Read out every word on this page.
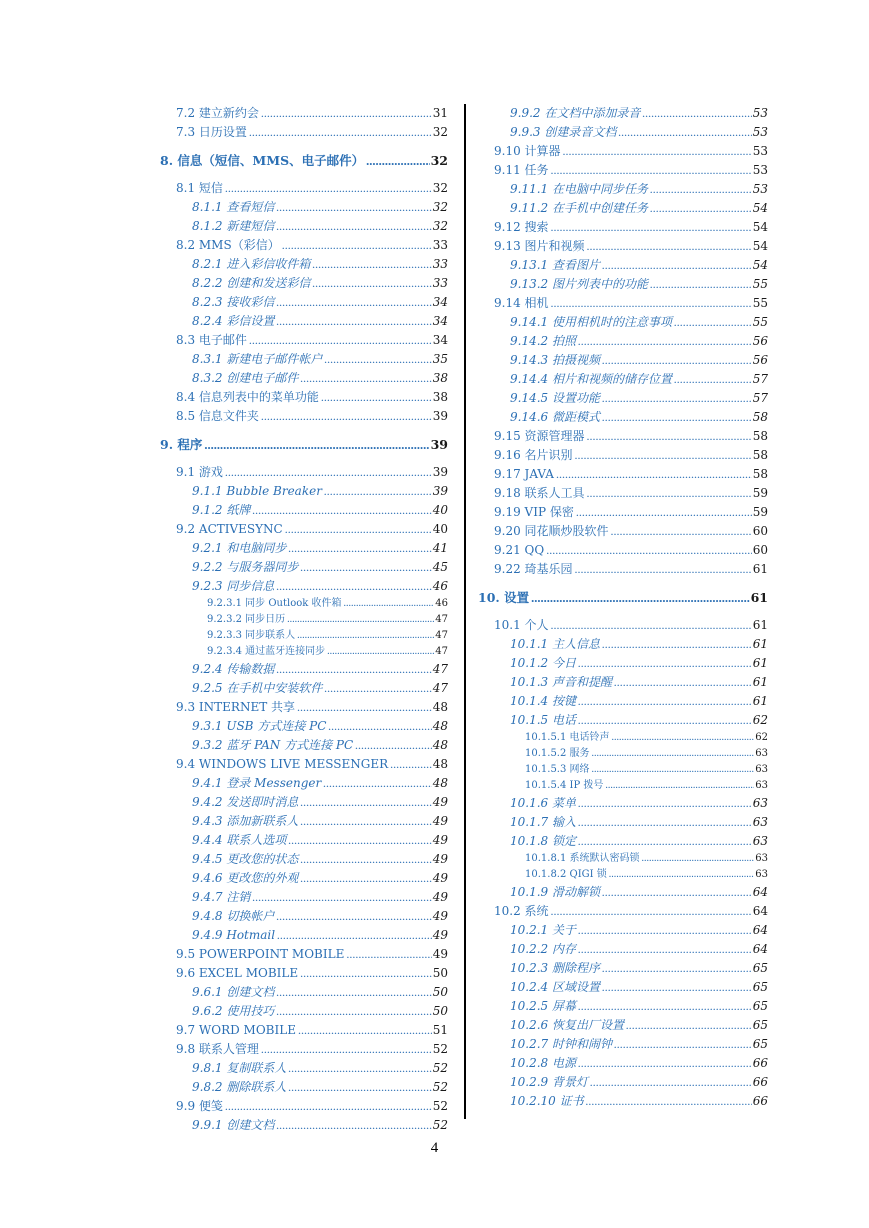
7.2 建立新约会 .....	31
7.3 日历设置 .....	32
8. 信息（短信、MMS、电子邮件） .....	32
8.1 短信 .....	32
8.1.1 查看短信 .....	32
8.1.2 新建短信 .....	32
8.2 MMS（彩信） .....	33
8.2.1 进入彩信收件箱 .....	33
8.2.2 创建和发送彩信 .....	33
8.2.3 接收彩信 .....	34
8.2.4 彩信设置 .....	34
8.3 电子邮件 .....	34
8.3.1 新建电子邮件帐户 .....	35
8.3.2 创建电子邮件 .....	38
8.4 信息列表中的菜单功能 .....	38
8.5 信息文件夹 .....	39
9. 程序 .....	39
9.1 游戏 .....	39
9.1.1 Bubble Breaker .....	39
9.1.2 纸牌 .....	40
9.2 ACTIVESYNC .....	40
9.2.1 和电脑同步 .....	41
9.2.2 与服务器同步 .....	45
9.2.3 同步信息 .....	46
9.2.3.1 同步 Outlook 收件箱 .....	46
9.2.3.2 同步日历 .....	47
9.2.3.3 同步联系人 .....	47
9.2.3.4 通过蓝牙连接同步 .....	47
9.2.4 传输数据 .....	47
9.2.5 在手机中安装软件 .....	47
9.3 INTERNET 共享 .....	48
9.3.1 USB 方式连接 PC .....	48
9.3.2 蓝牙 PAN 方式连接 PC .....	48
9.4 WINDOWS LIVE MESSENGER .....	48
9.4.1 登录 Messenger .....	48
9.4.2 发送即时消息 .....	49
9.4.3 添加新联系人 .....	49
9.4.4 联系人选项 .....	49
9.4.5 更改您的状态 .....	49
9.4.6 更改您的外观 .....	49
9.4.7 注销 .....	49
9.4.8 切换帐户 .....	49
9.4.9 Hotmail .....	49
9.5 POWERPOINT MOBILE .....	49
9.6 EXCEL MOBILE .....	50
9.6.1 创建文档 .....	50
9.6.2 使用技巧 .....	50
9.7 WORD MOBILE .....	51
9.8 联系人管理 .....	52
9.8.1 复制联系人 .....	52
9.8.2 删除联系人 .....	52
9.9 便笺 .....	52
9.9.1 创建文档 .....	52
9.9.2 在文档中添加录音 .....	53
9.9.3 创建录音文档 .....	53
9.10 计算器 .....	53
9.11 任务 .....	53
9.11.1 在电脑中同步任务 .....	53
9.11.2 在手机中创建任务 .....	54
9.12 搜索 .....	54
9.13 图片和视频 .....	54
9.13.1 查看图片 .....	54
9.13.2 图片列表中的功能 .....	55
9.14 相机 .....	55
9.14.1 使用相机时的注意事项 .....	55
9.14.2 拍照 .....	56
9.14.3 拍摄视频 .....	56
9.14.4 相片和视频的储存位置 .....	57
9.14.5 设置功能 .....	57
9.14.6 微距模式 .....	58
9.15 资源管理器 .....	58
9.16 名片识别 .....	58
9.17 JAVA .....	58
9.18 联系人工具 .....	59
9.19 VIP 保密 .....	59
9.20 同花顺炒股软件 .....	60
9.21 QQ .....	60
9.22 琦基乐园 .....	61
10. 设置 .....	61
10.1 个人 .....	61
10.1.1 主人信息 .....	61
10.1.2 今日 .....	61
10.1.3 声音和提醒 .....	61
10.1.4 按键 .....	61
10.1.5 电话 .....	62
10.1.5.1 电话铃声 .....	62
10.1.5.2 服务 .....	63
10.1.5.3 网络 .....	63
10.1.5.4 IP 拨号 .....	63
10.1.6 菜单 .....	63
10.1.7 输入 .....	63
10.1.8 锁定 .....	63
10.1.8.1 系统默认密码锁 .....	63
10.1.8.2 QIGI 锁 .....	63
10.1.9 滑动解锁 .....	64
10.2 系统 .....	64
10.2.1 关于 .....	64
10.2.2 内存 .....	64
10.2.3 删除程序 .....	65
10.2.4 区域设置 .....	65
10.2.5 屏幕 .....	65
10.2.6 恢复出厂设置 .....	65
10.2.7 时钟和闹钟 .....	65
10.2.8 电源 .....	66
10.2.9 背景灯 .....	66
10.2.10 证书 .....	66
4
